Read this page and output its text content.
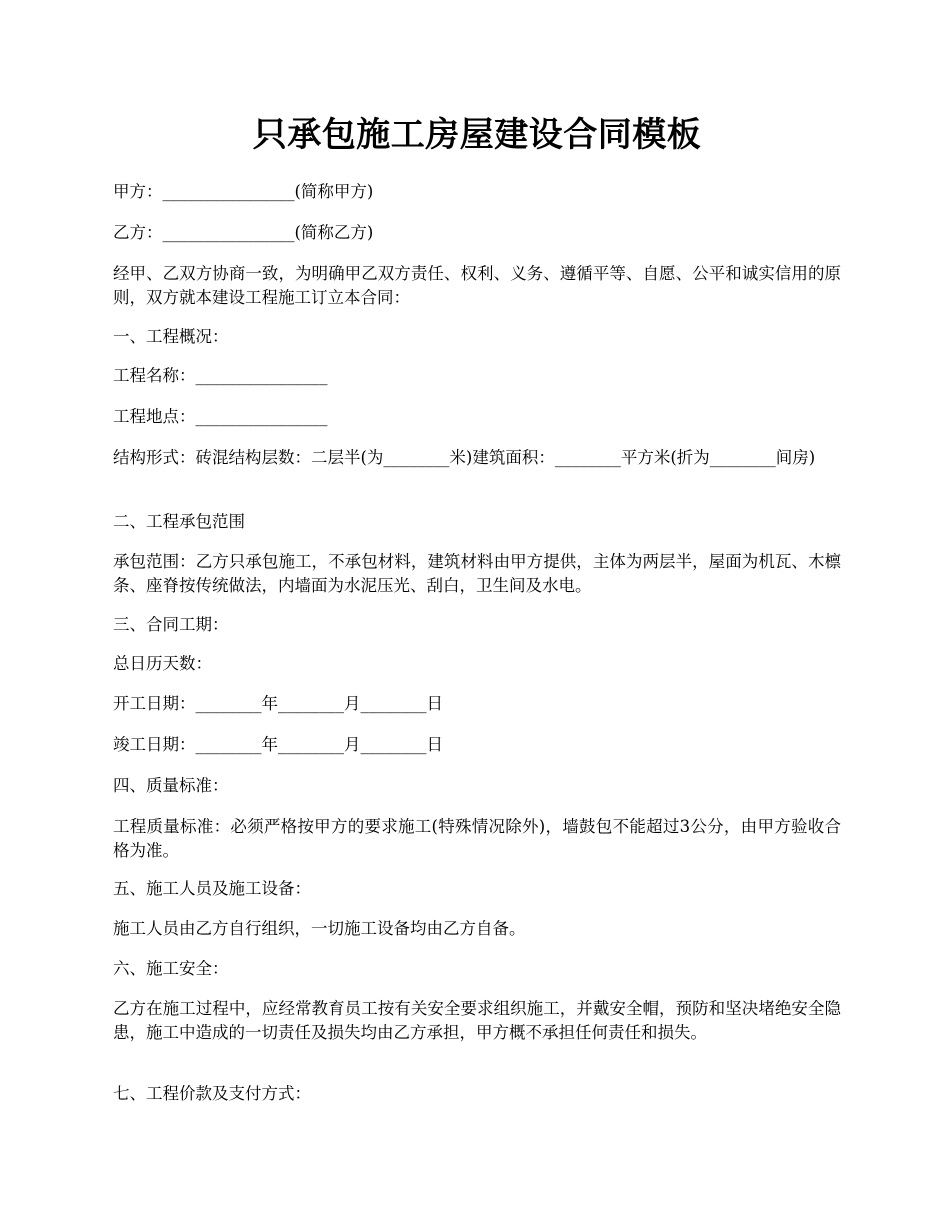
只承包施工房屋建设合同模板

甲方：________________(简称甲方)

乙方：________________(简称乙方)

经甲、乙双方协商一致，为明确甲乙双方责任、权利、义务、遵循平等、自愿、公平和诚实信用的原则，双方就本建设工程施工订立本合同：

一、工程概况：

工程名称：________________

工程地点：________________

结构形式：砖混结构层数：二层半(为________米)建筑面积：________平方米(折为________间房)

二、工程承包范围

承包范围：乙方只承包施工，不承包材料，建筑材料由甲方提供，主体为两层半，屋面为机瓦、木檩条、座脊按传统做法，内墙面为水泥压光、刮白，卫生间及水电。

三、合同工期：

总日历天数：

开工日期：________年________月________日

竣工日期：________年________月________日

四、质量标准：

工程质量标准：必须严格按甲方的要求施工(特殊情况除外)，墙鼓包不能超过3公分，由甲方验收合格为准。

五、施工人员及施工设备：

施工人员由乙方自行组织，一切施工设备均由乙方自备。

六、施工安全：

乙方在施工过程中，应经常教育员工按有关安全要求组织施工，并戴安全帽，预防和坚决堵绝安全隐患，施工中造成的一切责任及损失均由乙方承担，甲方概不承担任何责任和损失。

七、工程价款及支付方式：
